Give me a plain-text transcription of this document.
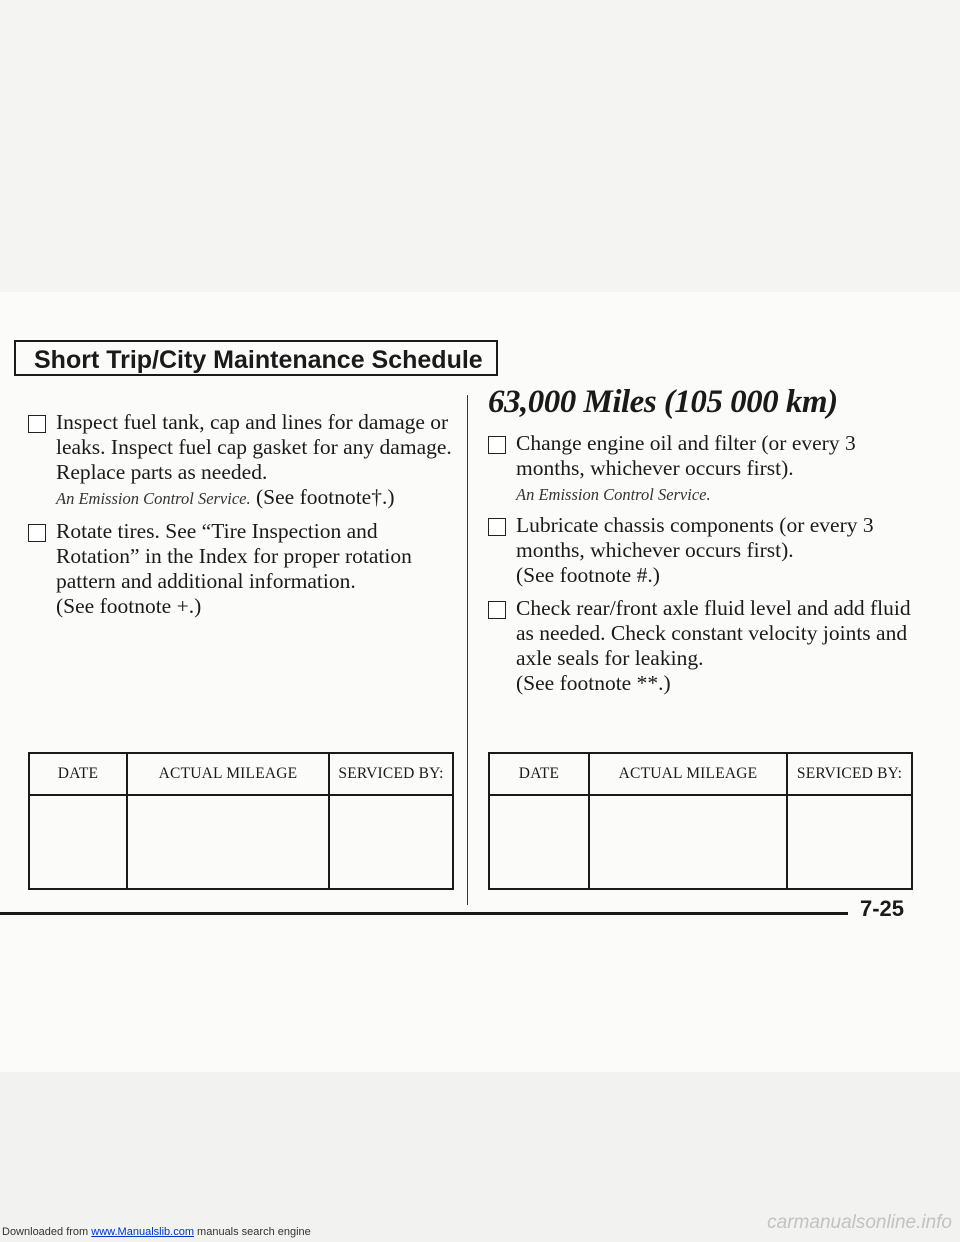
Short Trip/City Maintenance Schedule
Inspect fuel tank, cap and lines for damage or leaks. Inspect fuel cap gasket for any damage. Replace parts as needed.
An Emission Control Service. (See footnote†.)
Rotate tires. See “Tire Inspection and Rotation” in the Index for proper rotation pattern and additional information.
(See footnote +.)
63,000 Miles (105 000 km)
Change engine oil and filter (or every 3 months, whichever occurs first).
An Emission Control Service.
Lubricate chassis components (or every 3 months, whichever occurs first).
(See footnote #.)
Check rear/front axle fluid level and add fluid as needed. Check constant velocity joints and axle seals for leaking.
(See footnote **.)
DATE	ACTUAL MILEAGE	SERVICED BY:
			DATE	ACTUAL MILEAGE	SERVICED BY:

7-25
Downloaded from www.Manualslib.com manuals search engine	carmanualsonline.info
